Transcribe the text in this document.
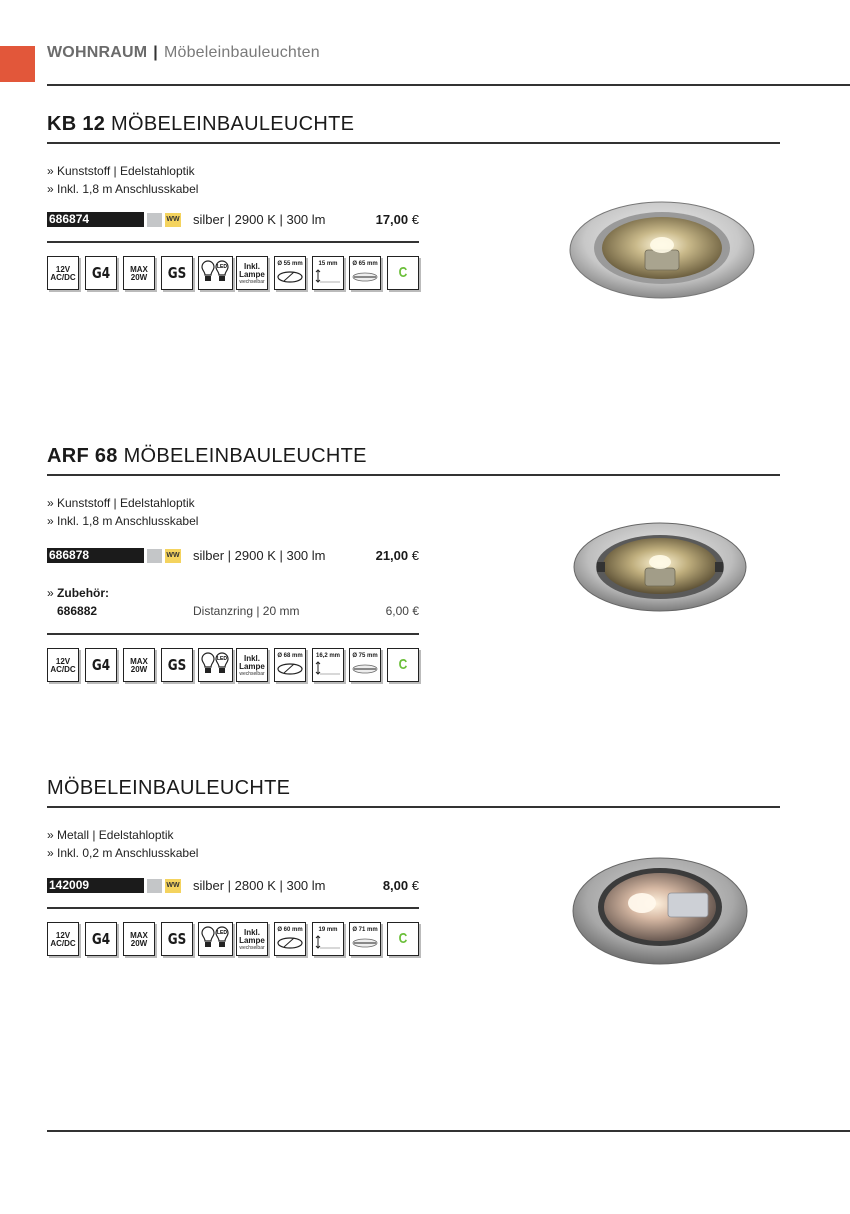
WOHNRAUM | Möbeleinbauleuchten
KB 12 MÖBELEINBAULEUCHTE
» Kunststoff | Edelstahloptik
» Inkl. 1,8 m Anschlusskabel
686874	WW silber | 2900 K | 300 lm	17,00 €
12V
AC/DC G4	MAX
20W	GS	LED	Inkl.
Lampe
wechselbar
Ø 55 mm	15 mm	Ø 65 mm	C
ARF 68 MÖBELEINBAULEUCHTE
» Kunststoff | Edelstahloptik
» Inkl. 1,8 m Anschlusskabel
686878	WW silber | 2900 K | 300 lm	21,00 €
» Zubehör:
686882	Distanzring | 20 mm	6,00 €
12V
AC/DC G4	MAX
20W	GS	LED	Inkl.
Lampe
wechselbar
Ø 68 mm	16,2 mm	Ø 75 mm	C
MÖBELEINBAULEUCHTE
» Metall | Edelstahloptik
» Inkl. 0,2 m Anschlusskabel
142009	WW silber | 2800 K | 300 lm	8,00 €
12V
AC/DC G4	MAX
20W	GS	LED	Inkl.
Lampe
wechselbar
Ø 60 mm	19 mm	Ø 71 mm	C
